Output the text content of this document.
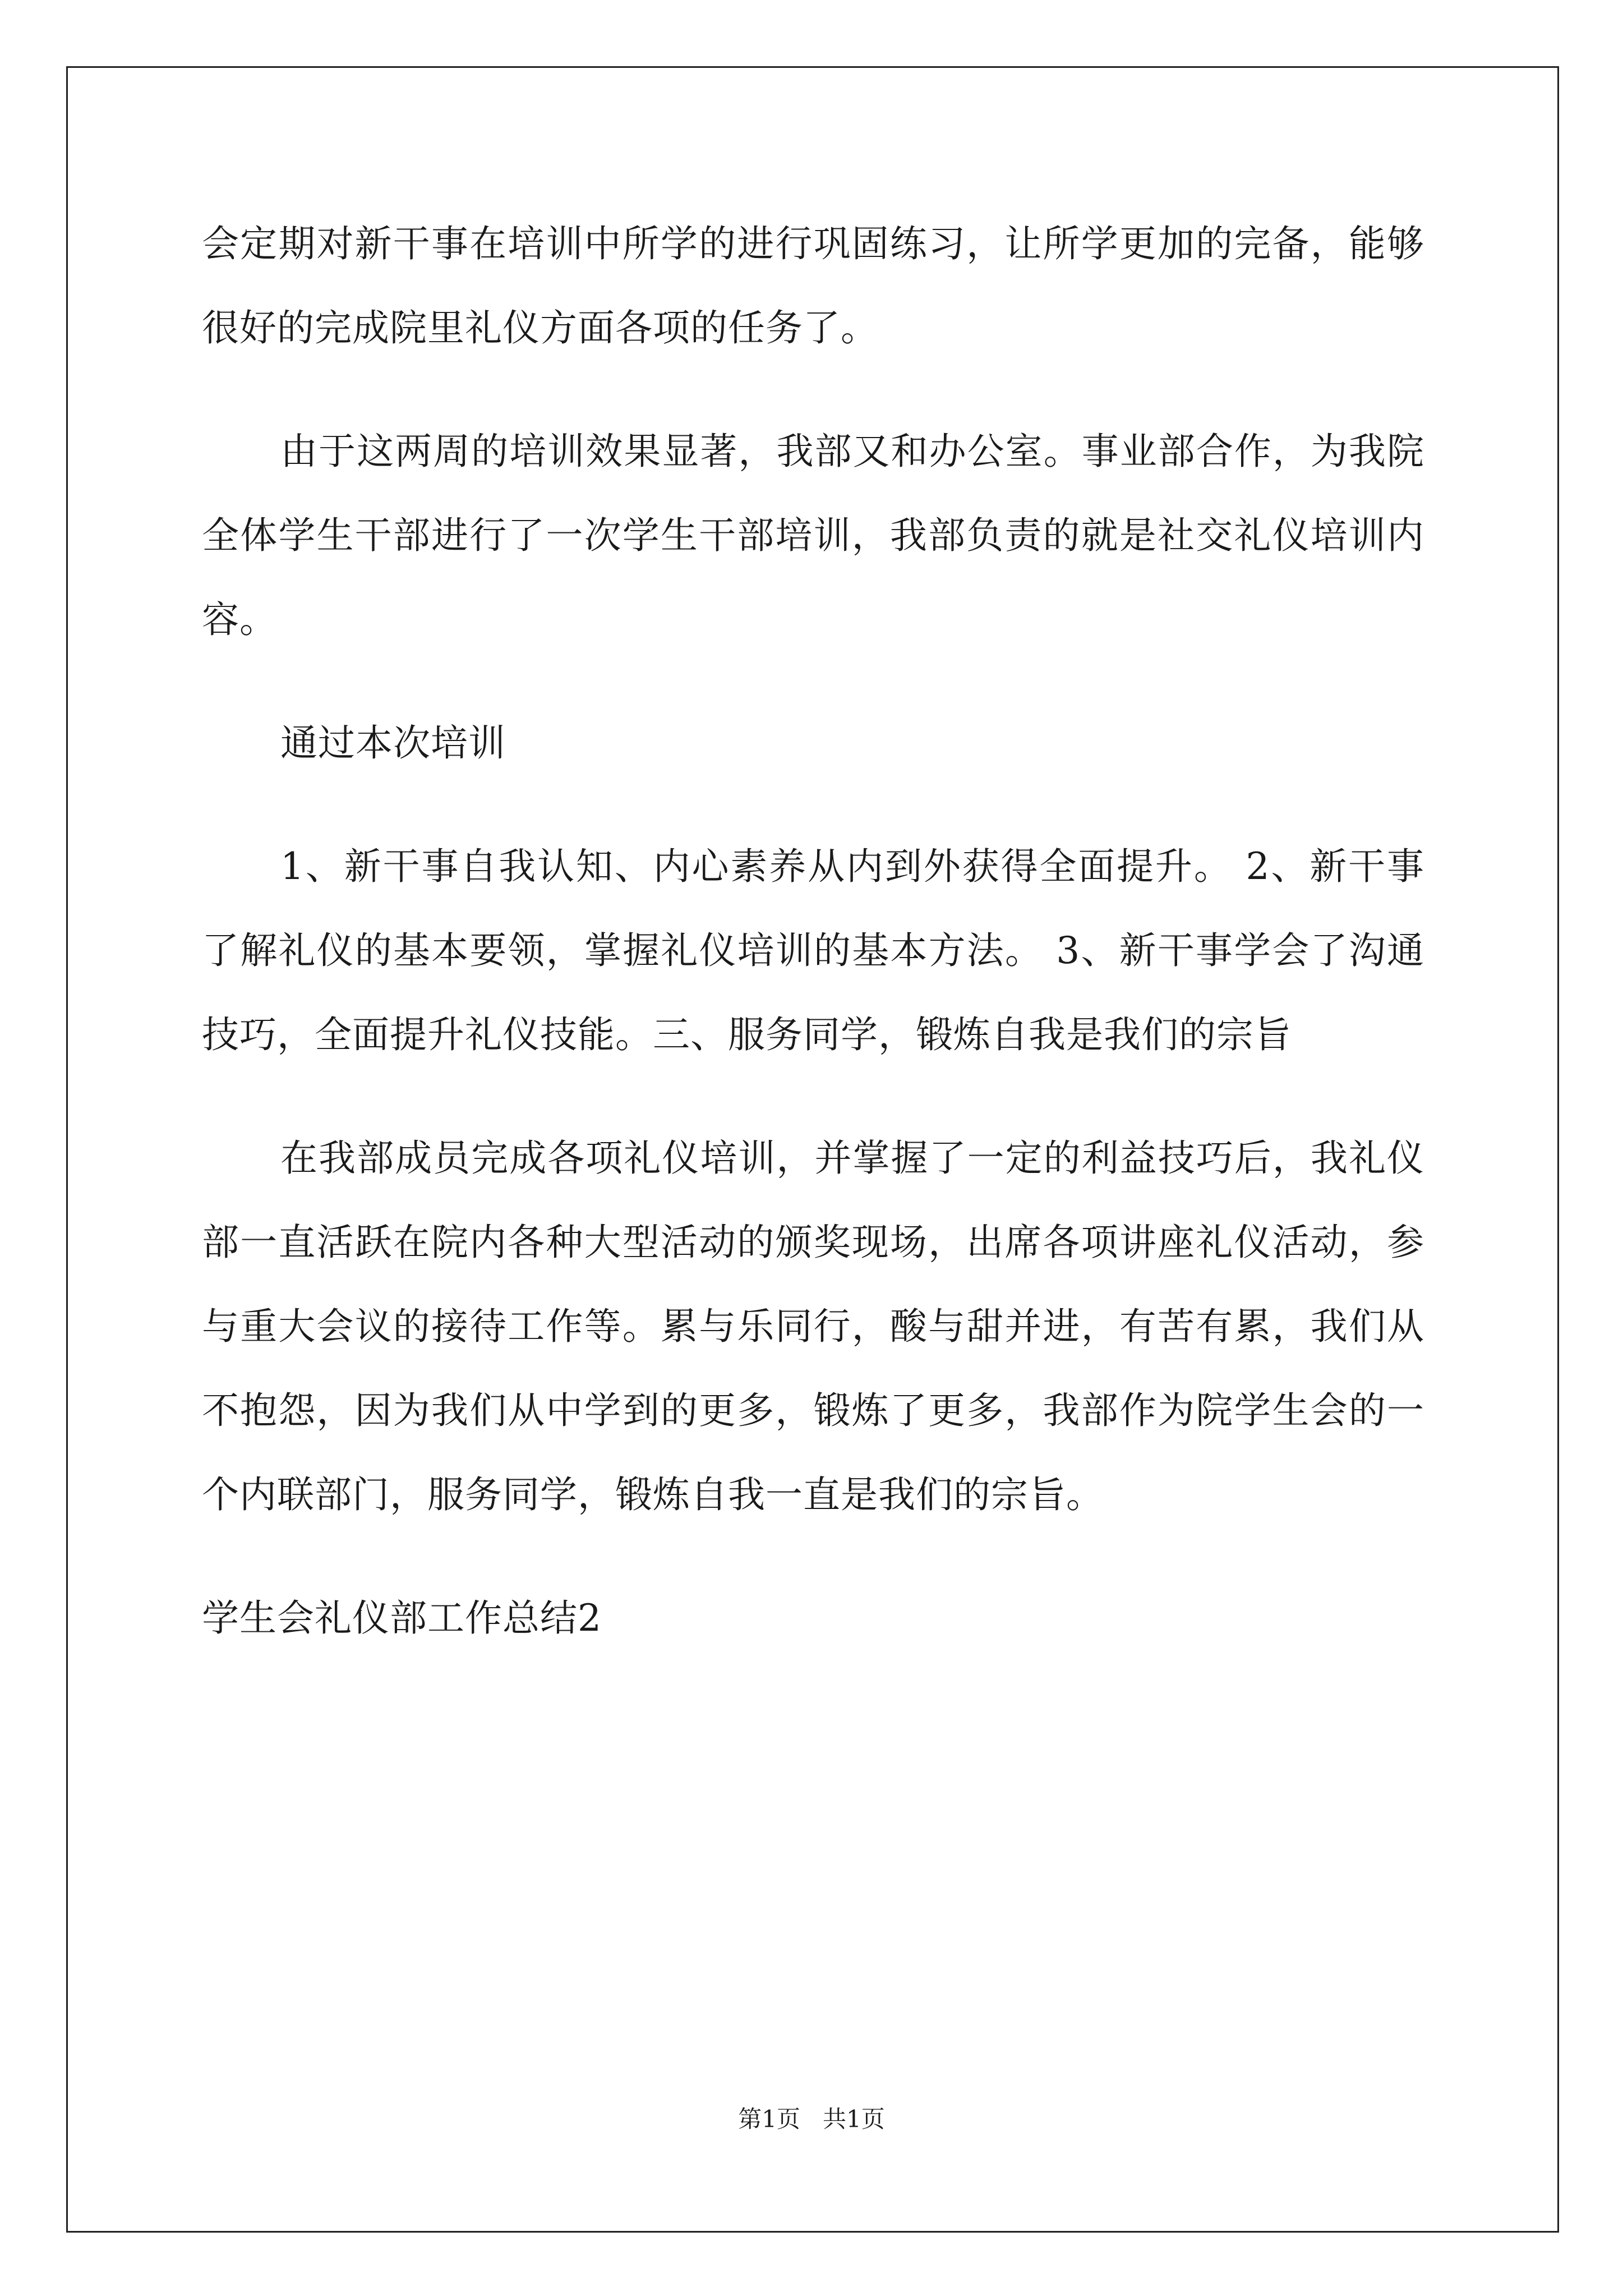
会定期对新干事在培训中所学的进行巩固练习，让所学更加的完备，能够很好的完成院里礼仪方面各项的任务了。

由于这两周的培训效果显著，我部又和办公室。事业部合作，为我院全体学生干部进行了一次学生干部培训，我部负责的就是社交礼仪培训内容。

通过本次培训

1、新干事自我认知、内心素养从内到外获得全面提升。 2、新干事了解礼仪的基本要领，掌握礼仪培训的基本方法。 3、新干事学会了沟通技巧，全面提升礼仪技能。三、服务同学，锻炼自我是我们的宗旨

在我部成员完成各项礼仪培训，并掌握了一定的利益技巧后，我礼仪部一直活跃在院内各种大型活动的颁奖现场，出席各项讲座礼仪活动，参与重大会议的接待工作等。累与乐同行，酸与甜并进，有苦有累，我们从不抱怨，因为我们从中学到的更多，锻炼了更多，我部作为院学生会的一个内联部门，服务同学，锻炼自我一直是我们的宗旨。

学生会礼仪部工作总结2

第1页   共1页
